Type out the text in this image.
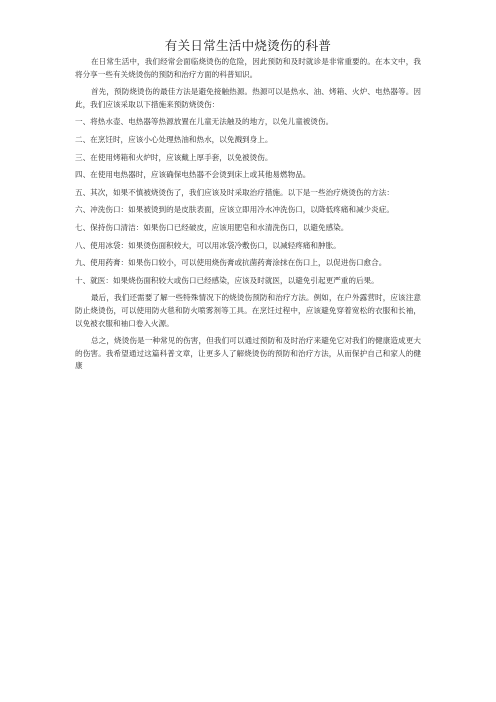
有关日常生活中烧烫伤的科普

在日常生活中，我们经常会面临烧烫伤的危险，因此预防和及时就诊是非常重要的。在本文中，我将分享一些有关烧烫伤的预防和治疗方面的科普知识。

首先，预防烧烫伤的最佳方法是避免接触热源。热源可以是热水、油、烤箱、火炉、电热器等。因此，我们应该采取以下措施来预防烧烫伤：

一、将热水壶、电热器等热源放置在儿童无法触及的地方，以免儿童被烫伤。

二、在烹饪时，应该小心处理热油和热水，以免溅到身上。

三、在使用烤箱和火炉时，应该戴上厚手套，以免被烫伤。

四、在使用电热器时，应该确保电热器不会烫到床上或其他易燃物品。

五、其次，如果不慎被烧烫伤了，我们应该及时采取治疗措施。以下是一些治疗烧烫伤的方法：

六、冲洗伤口：如果被烫到的是皮肤表面，应该立即用冷水冲洗伤口，以降低疼痛和减少炎症。

七、保持伤口清洁：如果伤口已经破皮，应该用肥皂和水清洗伤口，以避免感染。

八、使用冰袋：如果烫伤面积较大，可以用冰袋冷敷伤口，以减轻疼痛和肿胀。

九、使用药膏：如果伤口较小，可以使用烧伤膏或抗菌药膏涂抹在伤口上，以促进伤口愈合。

十、就医：如果烧伤面积较大或伤口已经感染，应该及时就医，以避免引起更严重的后果。

最后，我们还需要了解一些特殊情况下的烧烫伤预防和治疗方法。例如，在户外露营时，应该注意防止烧烫伤，可以使用防火毯和防火喷雾剂等工具。在烹饪过程中，应该避免穿着宽松的衣服和长袖，以免被衣服和袖口卷入火源。

总之，烧烫伤是一种常见的伤害，但我们可以通过预防和及时治疗来避免它对我们的健康造成更大的伤害。我希望通过这篇科普文章，让更多人了解烧烫伤的预防和治疗方法，从而保护自己和家人的健康
